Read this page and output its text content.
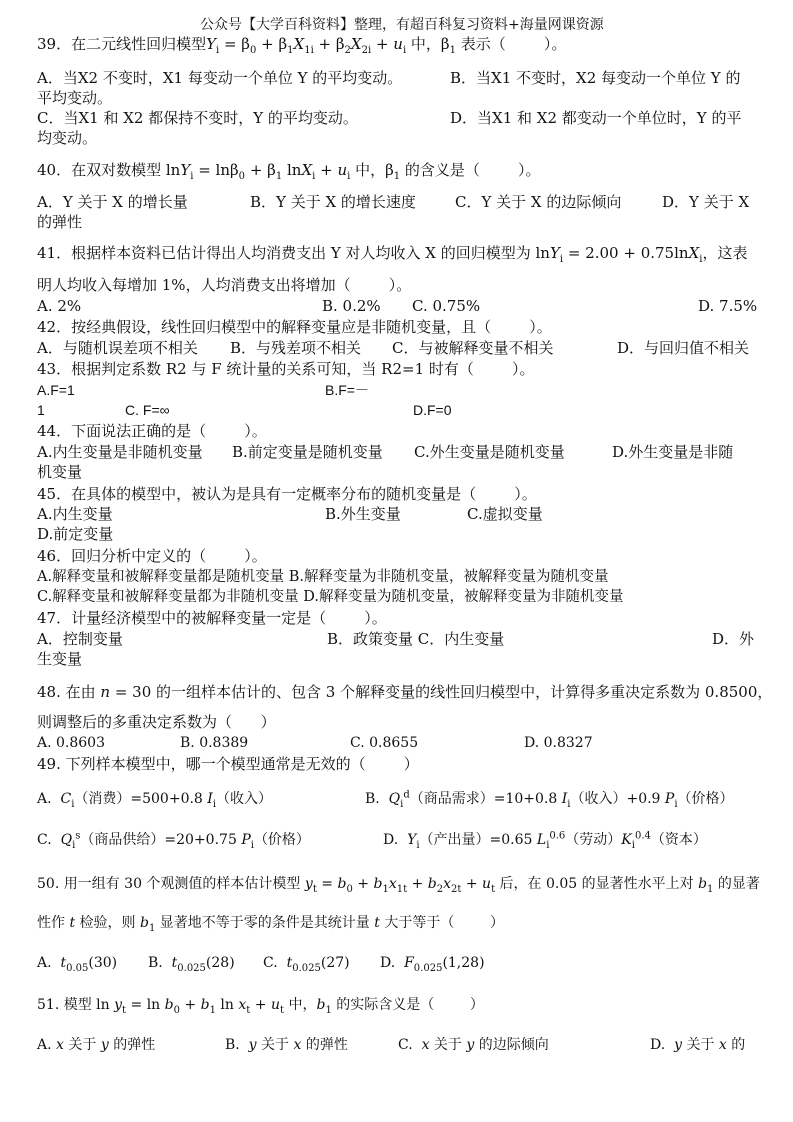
公众号【大学百科资料】整理，有超百科复习资料+海量网课资源
39．在二元线性回归模型$Y_i = \beta_0 + \beta_1X_{1i} + \beta_2X_{2i} + u_i$ 中，$\beta_1$ 表示（        ）。
A．当X2 不变时，X1 每变动一个单位 Y 的平均变动。	B．当X1 不变时，X2 每变动一个单位 Y 的
平均变动。
C．当X1 和 X2 都保持不变时，Y 的平均变动。	D．当X1 和 X2 都变动一个单位时，Y 的平
均变动。
40．在双对数模型 $\ln Y_i = \ln\beta_0 + \beta_1$ $\ln X_i + u_i$ 中，$\beta_1$ 的含义是（        ）。
A．Y 关于 X 的增长量	B．Y 关于 X 的增长速度	C．Y 关于 X 的边际倾向	D．Y 关于 X
的弹性
41．根据样本资料已估计得出人均消费支出 Y 对人均收入 X 的回归模型为 lnY$_i$ = 2.00 + 0.75lnX$_i$，这表
明人均收入每增加 1%，人均消费支出将增加（        ）。
A. 2%	B. 0.2% C. 0.75%	D. 7.5%
42．按经典假设，线性回归模型中的解释变量应是非随机变量，且（        ）。
A．与随机误差项不相关	B．与残差项不相关 C．与被解释变量不相关	D．与回归值不相关
43．根据判定系数 R2 与 F 统计量的关系可知，当 R2=1 时有（        ）。
A.F=1	B.F=－
1	C. F=∞	D.F=0
44．下面说法正确的是（        ）。
A.内生变量是非随机变量	B.前定变量是随机变量 C.外生变量是随机变量	D.外生变量是非随
机变量
45．在具体的模型中，被认为是具有一定概率分布的随机变量是（        ）。
A.内生变量	B.外生变量	C.虚拟变量
D.前定变量
46．回归分析中定义的（        ）。
A.解释变量和被解释变量都是随机变量 B.解释变量为非随机变量，被解释变量为随机变量
C.解释变量和被解释变量都为非随机变量 D.解释变量为随机变量，被解释变量为非随机变量
47．计量经济模型中的被解释变量一定是（        ）。
A．控制变量	B．政策变量 C．内生变量	D．外
生变量
48. 在由 n = 30 的一组样本估计的、包含 3 个解释变量的线性回归模型中，计算得多重决定系数为 0.8500，
则调整后的多重决定系数为（      ）
A. 0.8603	B. 0.8389	C. 0.8655	D. 0.8327
49. 下列样本模型中，哪一个模型通常是无效的（        ）
A.  $C_i$（消费）=500+0.8 $I_i$（收入）	B.  $Q_i^d$（商品需求）=10+0.8 $I_i$（收入）+0.9 $P_i$（价格）
C.  $Q_i^s$（商品供给）=20+0.75 $P_i$（价格）	D.  $Y_i$（产出量）=0.65 $L_i^{0.6}$（劳动）$K_i^{0.4}$（资本）
50. 用一组有 30 个观测值的样本估计模型 $y_t = b_0 + b_1x_{1t} + b_2x_{2t} + u_t$ 后，在 0.05 的显著性水平上对 $b_1$ 的显著
性作 t 检验，则 $b_1$ 显著地不等于零的条件是其统计量 t 大于等于（        ）
A.  $t_{0.05}(30)$	B.  $t_{0.025}(28)$ C.  $t_{0.025}(27)$ D.  $F_{0.025}(1,28)$
51. 模型 $\ln y_t = \ln b_0 + b_1$ $\ln x_t + u_t$ 中，$b_1$ 的实际含义是（        ）
A. x 关于 y 的弹性	B.  y 关于 x 的弹性	C.  x 关于 y 的边际倾向	D.  y 关于 x 的
